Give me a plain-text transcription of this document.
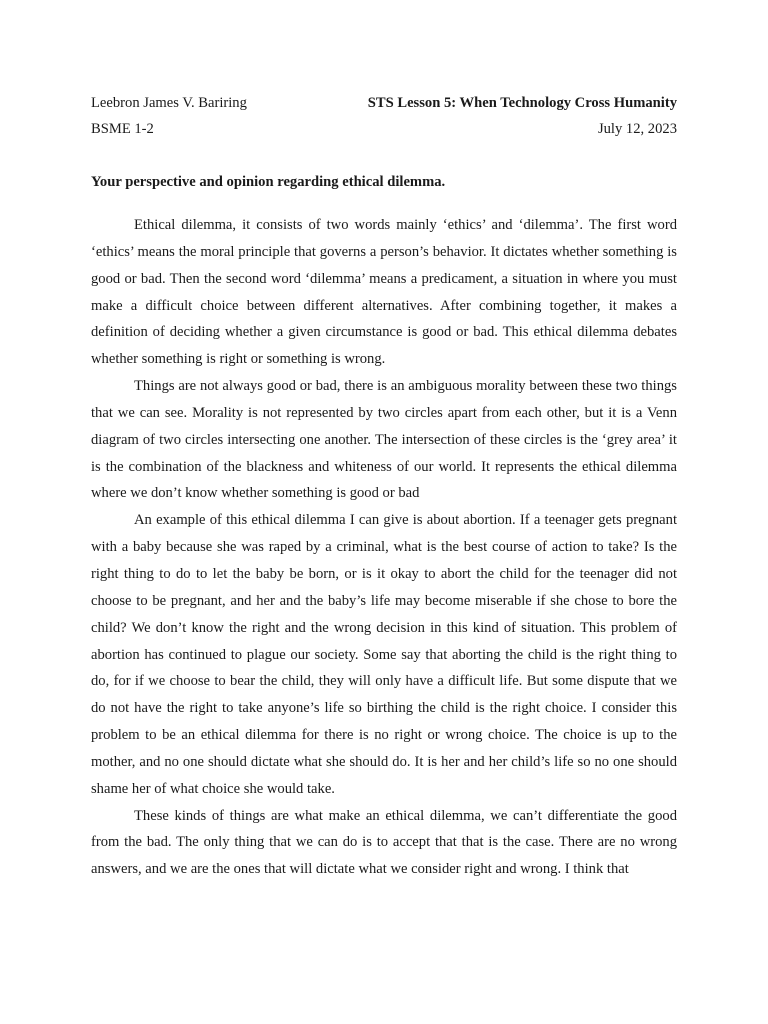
Leebron James V. Bariring	STS Lesson 5: When Technology Cross Humanity
BSME 1-2	July 12, 2023
Your perspective and opinion regarding ethical dilemma.

Ethical dilemma, it consists of two words mainly ‘ethics’ and ‘dilemma’. The first word ‘ethics’ means the moral principle that governs a person’s behavior. It dictates whether something is good or bad. Then the second word ‘dilemma’ means a predicament, a situation in where you must make a difficult choice between different alternatives. After combining together, it makes a definition of deciding whether a given circumstance is good or bad. This ethical dilemma debates whether something is right or something is wrong.

Things are not always good or bad, there is an ambiguous morality between these two things that we can see. Morality is not represented by two circles apart from each other, but it is a Venn diagram of two circles intersecting one another. The intersection of these circles is the ‘grey area’ it is the combination of the blackness and whiteness of our world. It represents the ethical dilemma where we don’t know whether something is good or bad

An example of this ethical dilemma I can give is about abortion. If a teenager gets pregnant with a baby because she was raped by a criminal, what is the best course of action to take? Is the right thing to do to let the baby be born, or is it okay to abort the child for the teenager did not choose to be pregnant, and her and the baby’s life may become miserable if she chose to bore the child? We don’t know the right and the wrong decision in this kind of situation. This problem of abortion has continued to plague our society. Some say that aborting the child is the right thing to do, for if we choose to bear the child, they will only have a difficult life. But some dispute that we do not have the right to take anyone’s life so birthing the child is the right choice. I consider this problem to be an ethical dilemma for there is no right or wrong choice. The choice is up to the mother, and no one should dictate what she should do. It is her and her child’s life so no one should shame her of what choice she would take.

These kinds of things are what make an ethical dilemma, we can’t differentiate the good from the bad. The only thing that we can do is to accept that that is the case. There are no wrong answers, and we are the ones that will dictate what we consider right and wrong. I think that
